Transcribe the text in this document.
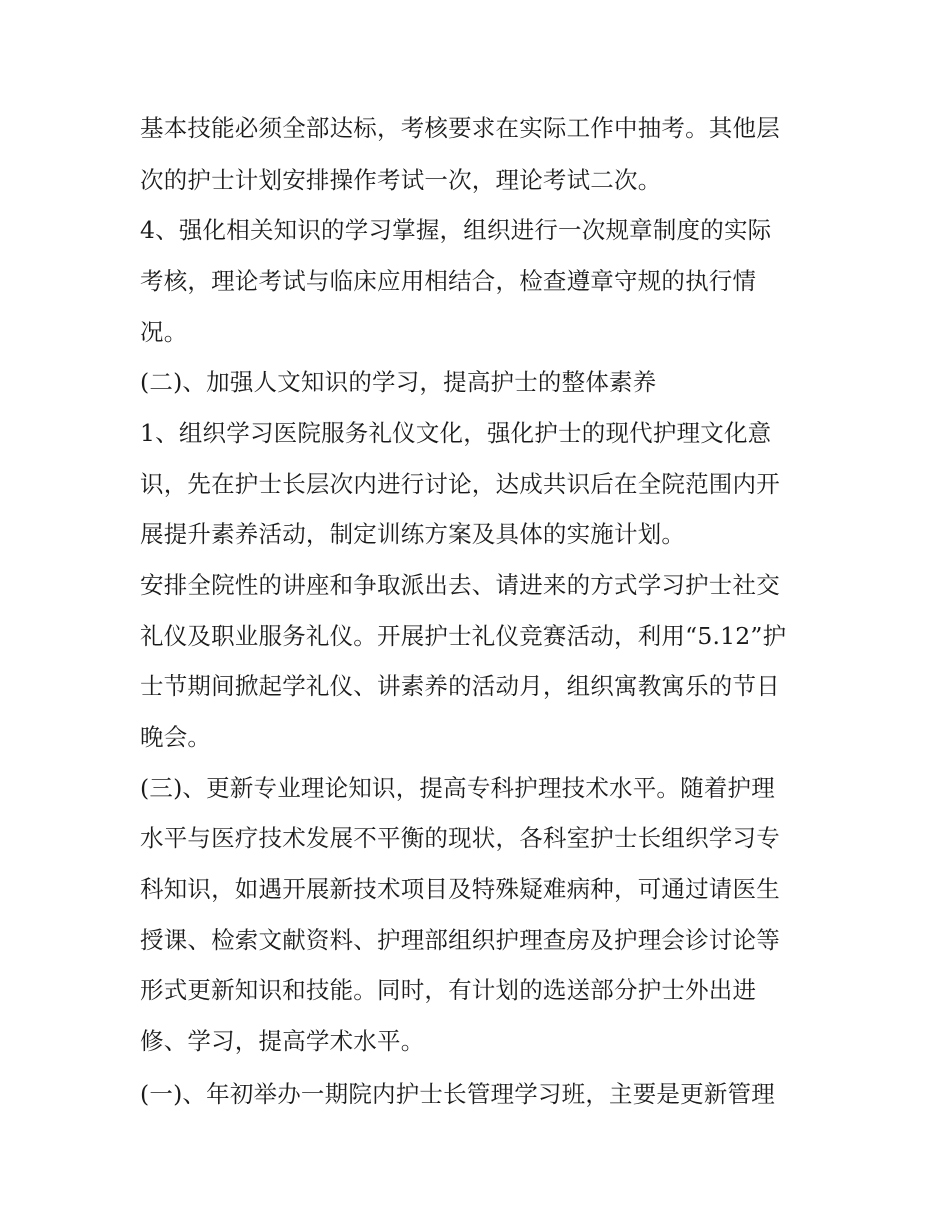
基本技能必须全部达标，考核要求在实际工作中抽考。其他层
次的护士计划安排操作考试一次，理论考试二次。
4、强化相关知识的学习掌握，组织进行一次规章制度的实际
考核，理论考试与临床应用相结合，检查遵章守规的执行情
况。
(二)、加强人文知识的学习，提高护士的整体素养
1、组织学习医院服务礼仪文化，强化护士的现代护理文化意
识，先在护士长层次内进行讨论，达成共识后在全院范围内开
展提升素养活动，制定训练方案及具体的实施计划。
安排全院性的讲座和争取派出去、请进来的方式学习护士社交
礼仪及职业服务礼仪。开展护士礼仪竞赛活动，利用“5.12”护
士节期间掀起学礼仪、讲素养的活动月，组织寓教寓乐的节日
晚会。
(三)、更新专业理论知识，提高专科护理技术水平。随着护理
水平与医疗技术发展不平衡的现状，各科室护士长组织学习专
科知识，如遇开展新技术项目及特殊疑难病种，可通过请医生
授课、检索文献资料、护理部组织护理查房及护理会诊讨论等
形式更新知识和技能。同时，有计划的选送部分护士外出进
修、学习，提高学术水平。
(一)、年初举办一期院内护士长管理学习班，主要是更新管理
